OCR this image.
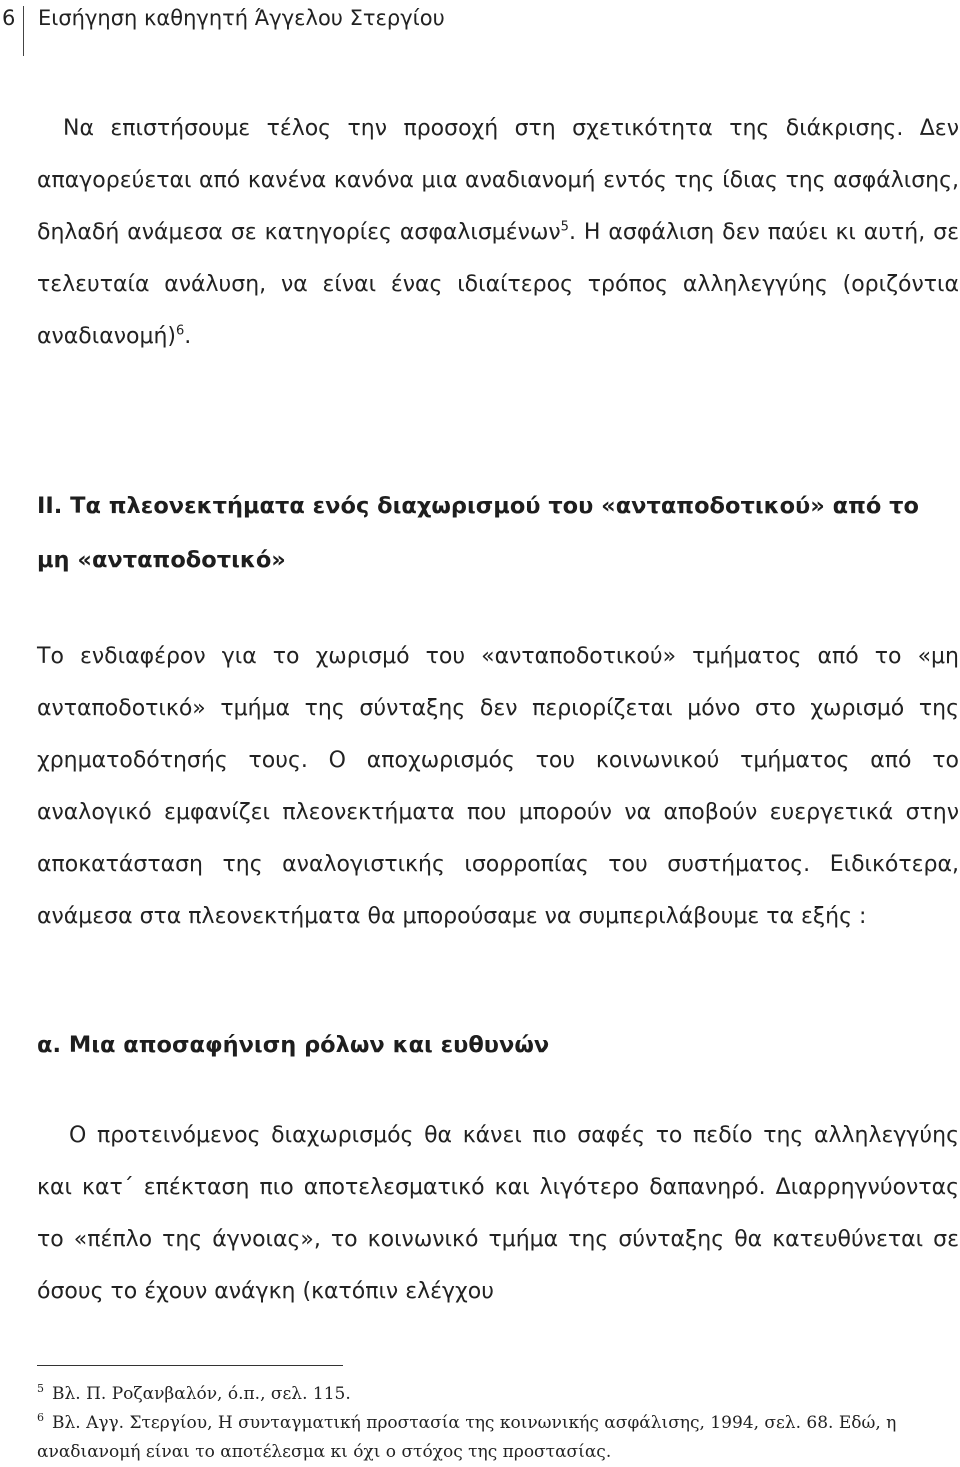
6 Εισήγηση καθηγητή Άγγελου Στεργίου

Να επιστήσουμε τέλος την προσοχή στη σχετικότητα της διάκρισης. Δεν απαγορεύεται από κανένα κανόνα μια αναδιανομή εντός της ίδιας της ασφάλισης, δηλαδή ανάμεσα σε κατηγορίες ασφαλισμένων$^5$. Η ασφάλιση δεν παύει κι αυτή, σε τελευταία ανάλυση, να είναι ένας ιδιαίτερος τρόπος αλληλεγγύης (οριζόντια αναδιανομή)$^6$.

II. Τα πλεονεκτήματα ενός διαχωρισμού του «ανταποδοτικού» από το μη «ανταποδοτικό»

Το ενδιαφέρον για το χωρισμό του «ανταποδοτικού» τμήματος από το «μη ανταποδοτικό» τμήμα της σύνταξης δεν περιορίζεται μόνο στο χωρισμό της χρηματοδότησής τους. Ο αποχωρισμός του κοινωνικού τμήματος από το αναλογικό εμφανίζει πλεονεκτήματα που μπορούν να αποβούν ευεργετικά στην αποκατάσταση της αναλογιστικής ισορροπίας του συστήματος. Ειδικότερα, ανάμεσα στα πλεονεκτήματα θα μπορούσαμε να συμπεριλάβουμε τα εξής :

α. Μια αποσαφήνιση ρόλων και ευθυνών

Ο προτεινόμενος διαχωρισμός θα κάνει πιο σαφές το πεδίο της αλληλεγγύης και κατ΄ επέκταση πιο αποτελεσματικό και λιγότερο δαπανηρό. Διαρρηγνύοντας το «πέπλο της άγνοιας», το κοινωνικό τμήμα της σύνταξης θα κατευθύνεται σε όσους το έχουν ανάγκη (κατόπιν ελέγχου

$^5$ Βλ. Π. Ροζανβαλόν, ό.π., σελ. 115.

$^6$ Βλ. Αγγ. Στεργίου, Η συνταγματική προστασία της κοινωνικής ασφάλισης, 1994, σελ. 68. Εδώ, η αναδιανομή είναι το αποτέλεσμα κι όχι ο στόχος της προστασίας.
